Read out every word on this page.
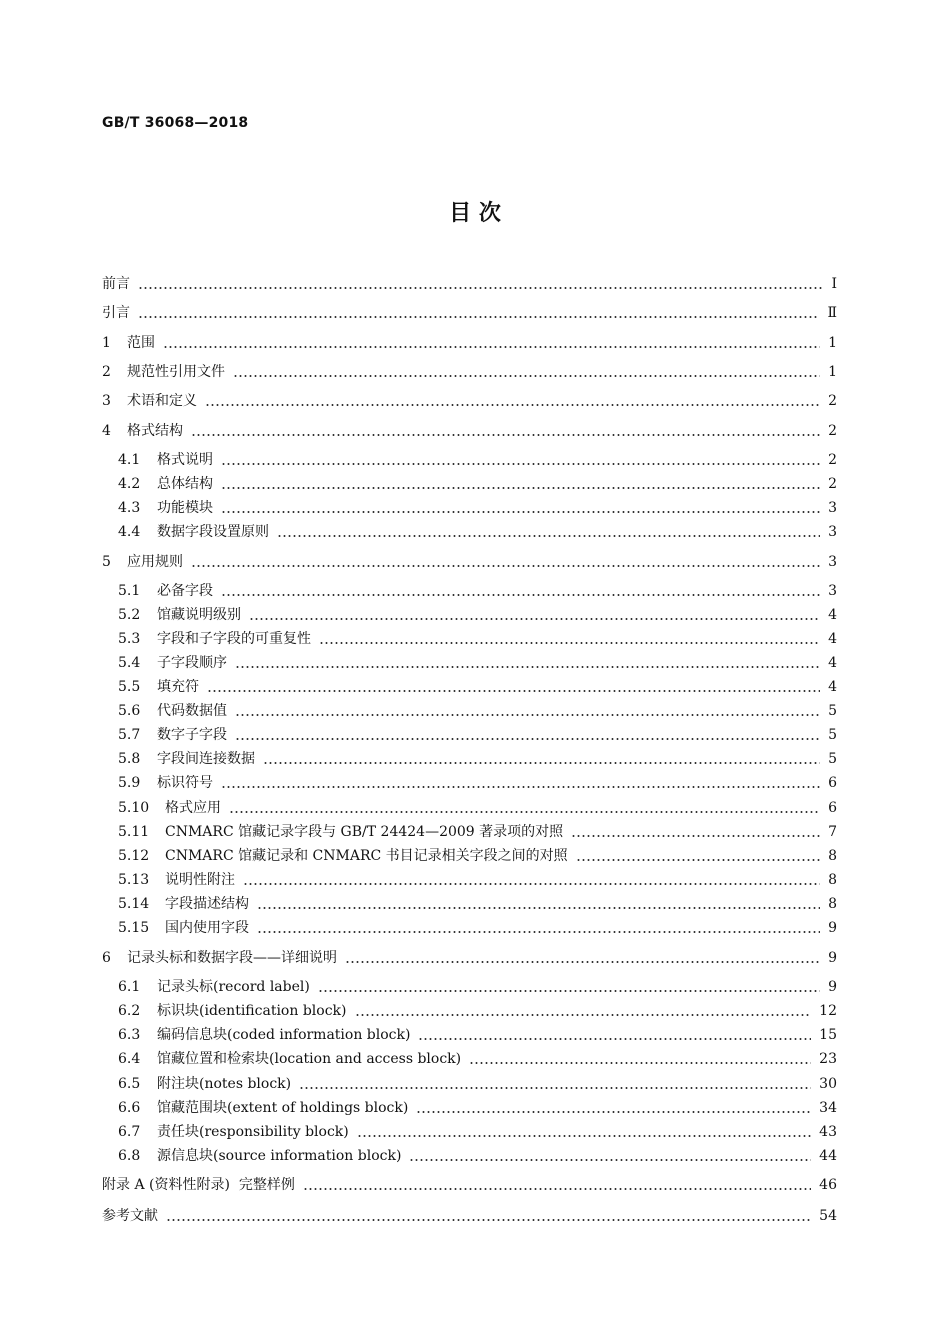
GB/T 36068—2018
目 次
前言	Ⅰ
引言	Ⅱ
1	范围	1
2	规范性引用文件	1
3	术语和定义	2
4	格式结构	2
4.1	格式说明	2
4.2	总体结构	2
4.3	功能模块	3
4.4	数据字段设置原则	3
5	应用规则	3
5.1	必备字段	3
5.2	馆藏说明级别	4
5.3	字段和子字段的可重复性	4
5.4	子字段顺序	4
5.5	填充符	4
5.6	代码数据值	5
5.7	数字子字段	5
5.8	字段间连接数据	5
5.9	标识符号	6
5.10	格式应用	6
5.11	CNMARC 馆藏记录字段与 GB/T 24424—2009 著录项的对照	7
5.12	CNMARC 馆藏记录和 CNMARC 书目记录相关字段之间的对照	8
5.13	说明性附注	8
5.14	字段描述结构	8
5.15	国内使用字段	9
6	记录头标和数据字段——详细说明	9
6.1	记录头标(record label)	9
6.2	标识块(identification block)	12
6.3	编码信息块(coded information block)	15
6.4	馆藏位置和检索块(location and access block)	23
6.5	附注块(notes block)	30
6.6	馆藏范围块(extent of holdings block)	34
6.7	责任块(responsibility block)	43
6.8	源信息块(source information block)	44
附录 A (资料性附录)  完整样例	46
参考文献	54
